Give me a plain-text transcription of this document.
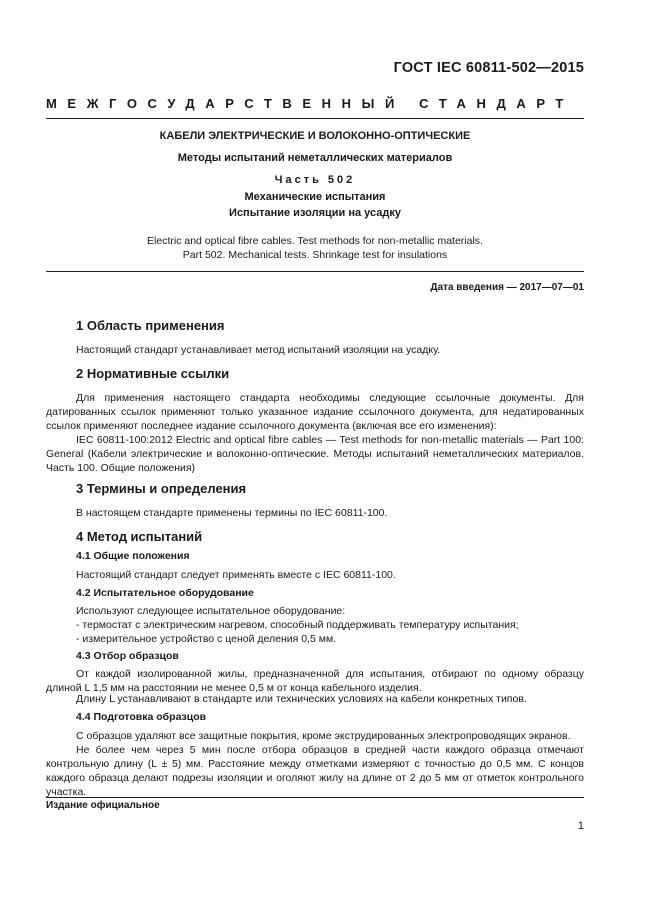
ГОСТ IEC 60811-502—2015
МЕЖГОСУДАРСТВЕННЫЙ СТАНДАРТ
КАБЕЛИ ЭЛЕКТРИЧЕСКИЕ И ВОЛОКОННО-ОПТИЧЕСКИЕ
Методы испытаний неметаллических материалов
Часть 502
Механические испытания
Испытание изоляции на усадку
Electric and optical fibre cables. Test methods for non-metallic materials.
Part 502. Mechanical tests. Shrinkage test for insulations
Дата введения — 2017—07—01
1 Область применения
Настоящий стандарт устанавливает метод испытаний изоляции на усадку.
2 Нормативные ссылки
Для применения настоящего стандарта необходимы следующие ссылочные документы. Для датированных ссылок применяют только указанное издание ссылочного документа, для недатированных ссылок применяют последнее издание ссылочного документа (включая все его изменения):
IEC 60811-100:2012 Electric and optical fibre cables — Test methods for non-metallic materials — Part 100: General (Кабели электрические и волоконно-оптические. Методы испытаний неметаллических материалов. Часть 100. Общие положения)
3 Термины и определения
В настоящем стандарте применены термины по IEC 60811-100.
4 Метод испытаний
4.1 Общие положения
Настоящий стандарт следует применять вместе с IEC 60811-100.
4.2 Испытательное оборудование
Используют следующее испытательное оборудование:
- термостат с электрическим нагревом, способный поддерживать температуру испытания;
- измерительное устройство с ценой деления 0,5 мм.
4.3 Отбор образцов
От каждой изолированной жилы, предназначенной для испытания, отбирают по одному образцу длиной L 1,5 мм на расстоянии не менее 0,5 м от конца кабельного изделия.
Длину L устанавливают в стандарте или технических условиях на кабели конкретных типов.
4.4 Подготовка образцов
С образцов удаляют все защитные покрытия, кроме экструдированных электропроводящих экранов.
Не более чем через 5 мин после отбора образцов в средней части каждого образца отмечают контрольную длину (L ± 5) мм. Расстояние между отметками измеряют с точностью до 0,5 мм. С концов каждого образца делают подрезы изоляции и оголяют жилу на длине от 2 до 5 мм от отметок контрольного участка.
Издание официальное
1
